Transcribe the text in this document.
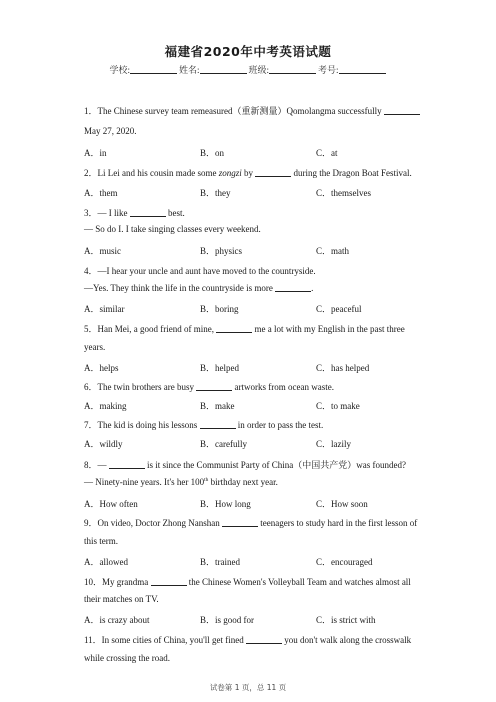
福建省2020年中考英语试题
学校:	姓名:	班级:	考号:
1．The Chinese survey team remeasured（重新测量）Qomolangma successfully
May 27, 2020.
A．in	B．on	C．at
2．Li Lei and his cousin made some zongzi by	during the Dragon Boat Festival.
A．them	B．they	C．themselves
3．— I like	best.
— So do I. I take singing classes every weekend.
A．music	B．physics	C．math
4．—I hear your uncle and aunt have moved to the countryside.
—Yes. They think the life in the countryside is more	.
A．similar	B．boring	C．peaceful
5．Han Mei, a good friend of mine,	me a lot with my English in the past three
years.
A．helps	B．helped	C．has helped
6．The twin brothers are busy	artworks from ocean waste.
A．making	B．make	C．to make
7．The kid is doing his lessons	in order to pass the test.
A．wildly	B．carefully	C．lazily
8．—	is it since the Communist Party of China（中国共产党）was founded?
— Ninety-nine years. It's her 100th birthday next year.
A．How often	B．How long	C．How soon
9．On video, Doctor Zhong Nanshan	teenagers to study hard in the first lesson of
this term.
A．allowed	B．trained	C．encouraged
10．My grandma	the Chinese Women's Volleyball Team and watches almost all
their matches on TV.
A．is crazy about	B．is good for	C．is strict with
11．In some cities of China, you'll get fined	you don't walk along the crosswalk
while crossing the road.
试卷第 1 页，总 11 页
